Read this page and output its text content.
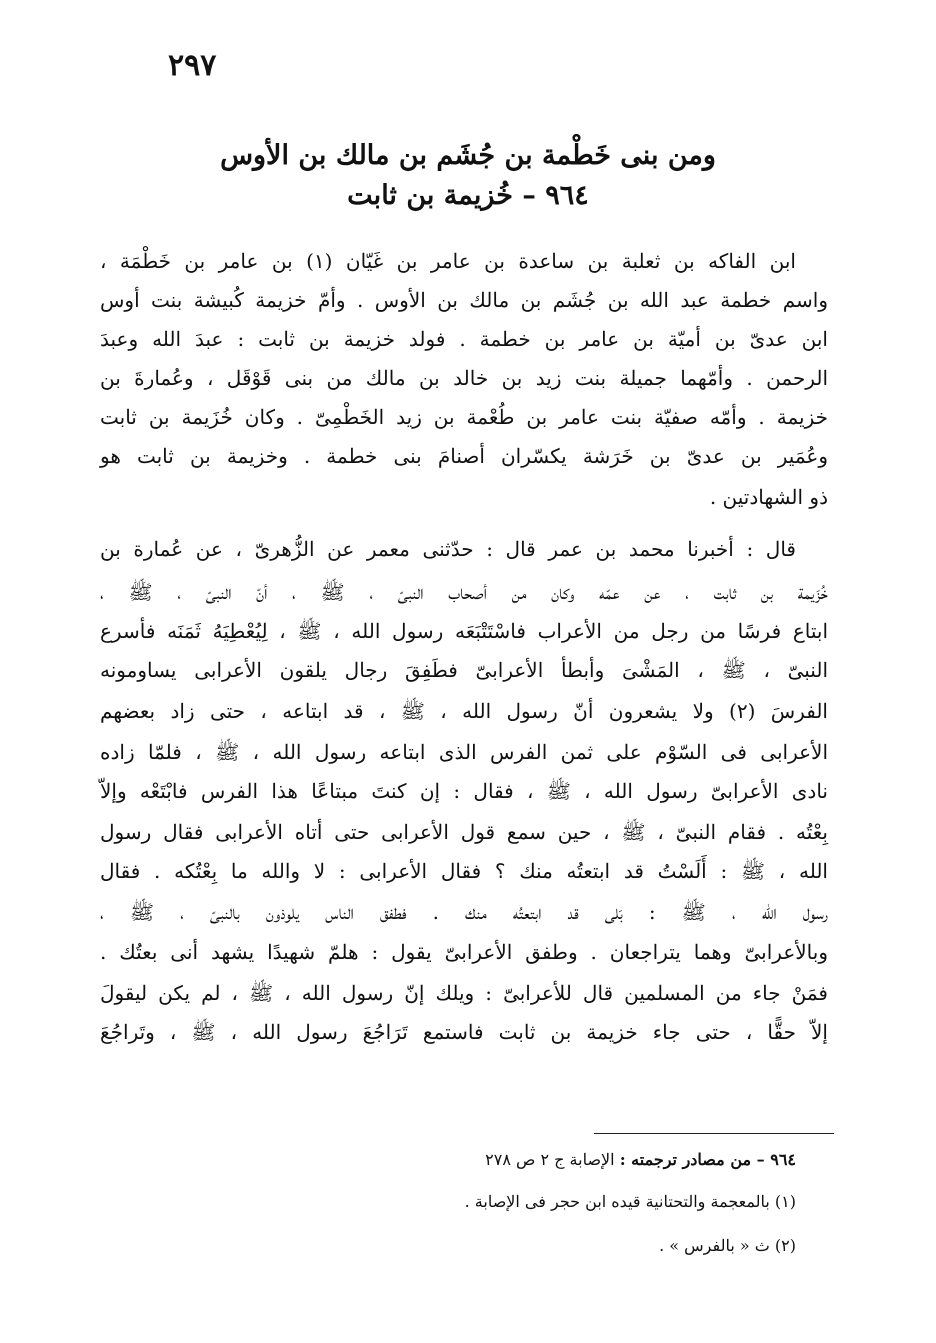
٢٩٧
ومن بنى خَطْمة بن جُشَم بن مالك بن الأوس
٩٦٤ – خُزيمة بن ثابت
ابن الفاكه بن ثعلبة بن ساعدة بن عامر بن غَيّان (١) بن عامر بن خَطْمَة ،
واسم خطمة عبد الله بن جُشَم بن مالك بن الأوس . وأمّ خزيمة كُبيشة بنت أوس
ابن عدىّ بن أميّة بن عامر بن خطمة . فولد خزيمة بن ثابت : عبدَ الله وعبدَ
الرحمن . وأمّهما جميلة بنت زيد بن خالد بن مالك من بنى قَوْقَل ، وعُمارةَ بن
خزيمة . وأمّه صفيّة بنت عامر بن طُعْمة بن زيد الخَطْمِىّ . وكان خُزَيمة بن ثابت
وعُمَير بن عدىّ بن خَرَشة يكسّران أصنامَ بنى خطمة . وخزيمة بن ثابت هو
ذو الشهادتين .
قال : أخبرنا محمد بن عمر قال : حدّثنى معمر عن الزُّهرىّ ، عن عُمارة بن
خُزَيمة بن ثابت ، عن عمّه وكان من أصحاب النبىّ ، ﷺ ، أنّ النبىّ ، ﷺ ،
ابتاع فرسًا من رجل من الأعراب فاسْتَتْبَعَه رسول الله ، ﷺ ، لِيُعْطِيَهُ ثَمَنَه فأسرع
النبىّ ، ﷺ ، المَشْىَ وأبطأ الأعرابىّ فطَفِقَ رجال يلقون الأعرابى يساومونه
الفرسَ (٢) ولا يشعرون أنّ رسول الله ، ﷺ ، قد ابتاعه ، حتى زاد بعضهم
الأعرابى فى السّوْم على ثمن الفرس الذى ابتاعه رسول الله ، ﷺ ، فلمّا زاده
نادى الأعرابىّ رسول الله ، ﷺ ، فقال : إن كنتَ مبتاعًا هذا الفرس فابْتَعْه وإلاّ
بِعْتُه . فقام النبىّ ، ﷺ ، حين سمع قول الأعرابى حتى أتاه الأعرابى فقال رسول
الله ، ﷺ : أَلَسْتُ قد ابتعتُه منك ؟ فقال الأعرابى : لا والله ما بِعْتُكه . فقال
رسول الله ، ﷺ : بَلى قد ابتعتُه منك . فطفق الناس يلوذون بالنبىّ ، ﷺ ،
وبالأعرابىّ وهما يتراجعان . وطفق الأعرابىّ يقول : هلمّ شهيدًا يشهد أنى بعتُك .
فمَنْ جاء من المسلمين قال للأعرابىّ : ويلك إنّ رسول الله ، ﷺ ، لم يكن ليقولَ
إلاّ حقًّا ، حتى جاء خزيمة بن ثابت فاستمع تَرَاجُعَ رسول الله ، ﷺ ، وتَراجُعَ
٩٦٤ – من مصادر ترجمته : الإصابة ج ٢ ص ٢٧٨
(١) بالمعجمة والتحتانية قيده ابن حجر فى الإصابة .
(٢) ث « بالفرس » .
